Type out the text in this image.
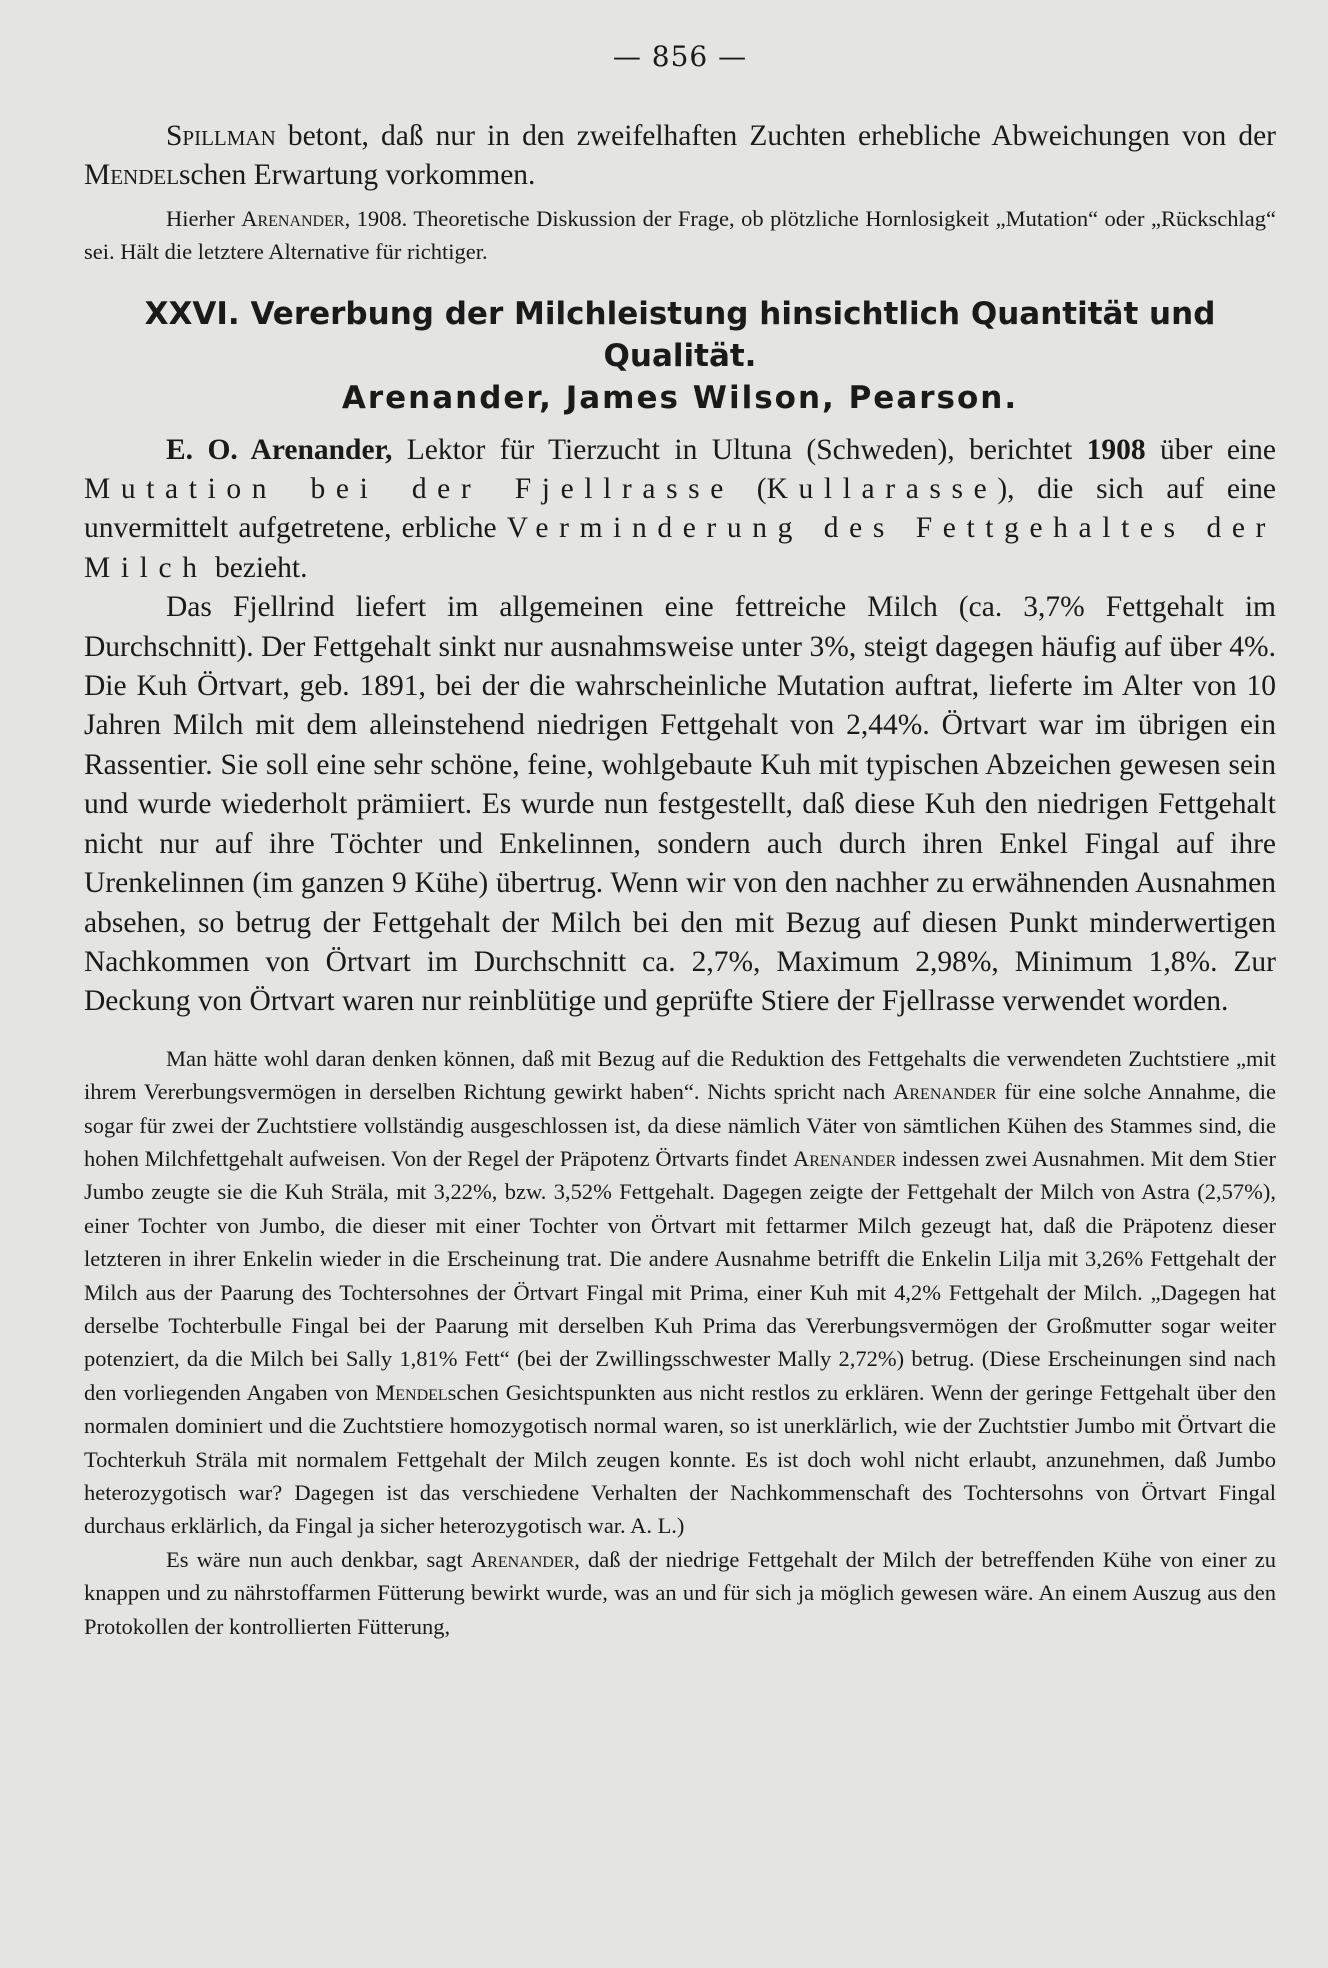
— 856 —

Spillman betont, daß nur in den zweifelhaften Zuchten erhebliche Abweichungen von der Mendelschen Erwartung vorkommen.

Hierher Arenander, 1908. Theoretische Diskussion der Frage, ob plötzliche Hornlosigkeit „Mutation“ oder „Rückschlag“ sei. Hält die letztere Alternative für richtiger.

XXVI. Vererbung der Milchleistung hinsichtlich Quantität und Qualität.
Arenander, James Wilson, Pearson.

E. O. Arenander, Lektor für Tierzucht in Ultuna (Schweden), berichtet 1908 über eine Mutation bei der Fjellrasse (Kullarasse), die sich auf eine unvermittelt aufgetretene, erbliche Verminderung des Fettgehaltes der Milch bezieht.

Das Fjellrind liefert im allgemeinen eine fettreiche Milch (ca. 3,7% Fettgehalt im Durchschnitt). Der Fettgehalt sinkt nur ausnahmsweise unter 3%, steigt dagegen häufig auf über 4%. Die Kuh Örtvart, geb. 1891, bei der die wahrscheinliche Mutation auftrat, lieferte im Alter von 10 Jahren Milch mit dem alleinstehend niedrigen Fettgehalt von 2,44%. Örtvart war im übrigen ein Rassentier. Sie soll eine sehr schöne, feine, wohlgebaute Kuh mit typischen Abzeichen gewesen sein und wurde wiederholt prämiiert. Es wurde nun festgestellt, daß diese Kuh den niedrigen Fettgehalt nicht nur auf ihre Töchter und Enkelinnen, sondern auch durch ihren Enkel Fingal auf ihre Urenkelinnen (im ganzen 9 Kühe) übertrug. Wenn wir von den nachher zu erwähnenden Ausnahmen absehen, so betrug der Fettgehalt der Milch bei den mit Bezug auf diesen Punkt minderwertigen Nachkommen von Örtvart im Durchschnitt ca. 2,7%, Maximum 2,98%, Minimum 1,8%. Zur Deckung von Örtvart waren nur reinblütige und geprüfte Stiere der Fjellrasse verwendet worden.

Man hätte wohl daran denken können, daß mit Bezug auf die Reduktion des Fettgehalts die verwendeten Zuchtstiere „mit ihrem Vererbungsvermögen in derselben Richtung gewirkt haben“. Nichts spricht nach Arenander für eine solche Annahme, die sogar für zwei der Zuchtstiere vollständig ausgeschlossen ist, da diese nämlich Väter von sämtlichen Kühen des Stammes sind, die hohen Milchfettgehalt aufweisen. Von der Regel der Präpotenz Örtvarts findet Arenander indessen zwei Ausnahmen. Mit dem Stier Jumbo zeugte sie die Kuh Sträla, mit 3,22%, bzw. 3,52% Fettgehalt. Dagegen zeigte der Fettgehalt der Milch von Astra (2,57%), einer Tochter von Jumbo, die dieser mit einer Tochter von Örtvart mit fettarmer Milch gezeugt hat, daß die Präpotenz dieser letzteren in ihrer Enkelin wieder in die Erscheinung trat. Die andere Ausnahme betrifft die Enkelin Lilja mit 3,26% Fettgehalt der Milch aus der Paarung des Tochtersohnes der Örtvart Fingal mit Prima, einer Kuh mit 4,2% Fettgehalt der Milch. „Dagegen hat derselbe Tochterbulle Fingal bei der Paarung mit derselben Kuh Prima das Vererbungsvermögen der Großmutter sogar weiter potenziert, da die Milch bei Sally 1,81% Fett“ (bei der Zwillingsschwester Mally 2,72%) betrug. (Diese Erscheinungen sind nach den vorliegenden Angaben von Mendelschen Gesichtspunkten aus nicht restlos zu erklären. Wenn der geringe Fettgehalt über den normalen dominiert und die Zuchtstiere homozygotisch normal waren, so ist unerklärlich, wie der Zuchtstier Jumbo mit Örtvart die Tochterkuh Sträla mit normalem Fettgehalt der Milch zeugen konnte. Es ist doch wohl nicht erlaubt, anzunehmen, daß Jumbo heterozygotisch war? Dagegen ist das verschiedene Verhalten der Nachkommenschaft des Tochtersohns von Örtvart Fingal durchaus erklärlich, da Fingal ja sicher heterozygotisch war. A. L.)

Es wäre nun auch denkbar, sagt Arenander, daß der niedrige Fettgehalt der Milch der betreffenden Kühe von einer zu knappen und zu nährstoffarmen Fütterung bewirkt wurde, was an und für sich ja möglich gewesen wäre. An einem Auszug aus den Protokollen der kontrollierten Fütterung,
